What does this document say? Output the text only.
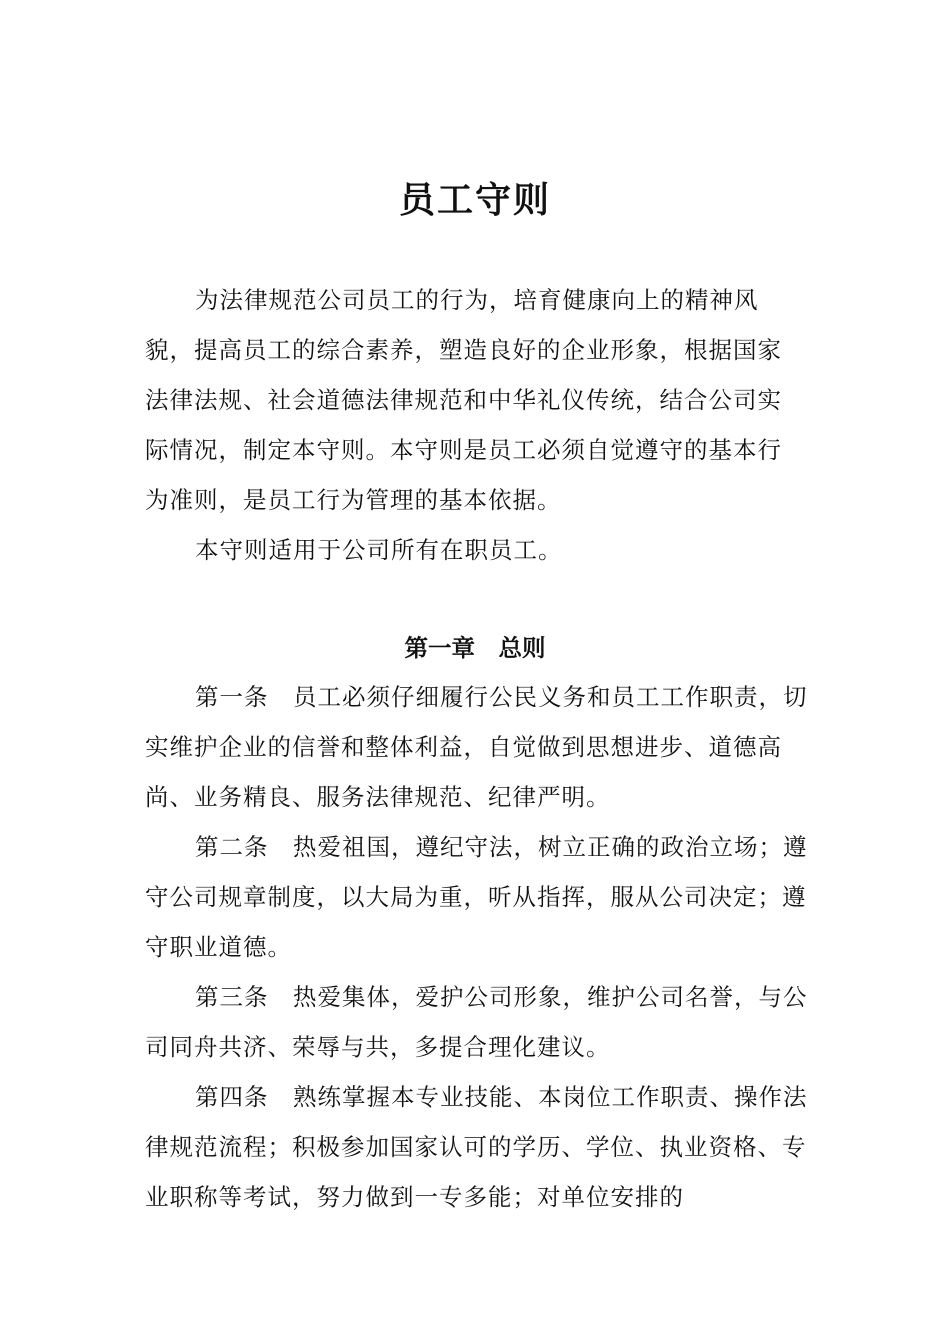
员工守则

为法律规范公司员工的行为，培育健康向上的精神风貌，提高员工的综合素养，塑造良好的企业形象，根据国家法律法规、社会道德法律规范和中华礼仪传统，结合公司实际情况，制定本守则。本守则是员工必须自觉遵守的基本行为准则，是员工行为管理的基本依据。

本守则适用于公司所有在职员工。

第一章　总则

第一条　 员工必须仔细履行公民义务和员工工作职责，切实维护企业的信誉和整体利益，自觉做到思想进步、道德高尚、业务精良、服务法律规范、纪律严明。

第二条　 热爱祖国，遵纪守法，树立正确的政治立场；遵守公司规章制度，以大局为重，听从指挥，服从公司决定；遵守职业道德。

第三条　 热爱集体，爱护公司形象，维护公司名誉，与公司同舟共济、荣辱与共，多提合理化建议。

第四条　 熟练掌握本专业技能、本岗位工作职责、操作法律规范流程；积极参加国家认可的学历、学位、执业资格、专业职称等考试，努力做到一专多能；对单位安排的
